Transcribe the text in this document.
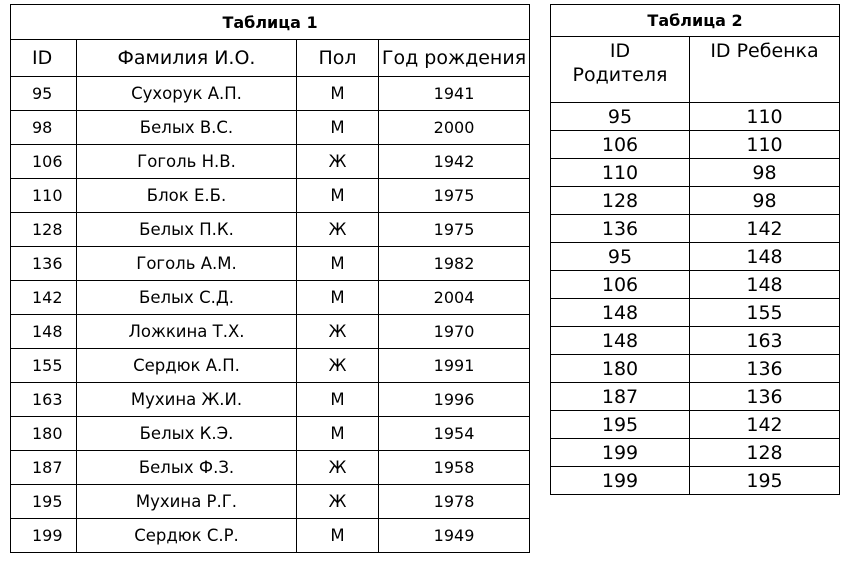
Таблица 1			
ID	Фамилия И.О.	Пол	Год рождения
95	Сухорук А.П.	М	1941
98	Белых В.С.	М	2000
106	Гоголь Н.В.	Ж	1942
110	Блок Е.Б.	М	1975
128	Белых П.К.	Ж	1975
136	Гоголь А.М.	М	1982
142	Белых С.Д.	М	2004
148	Ложкина Т.Х.	Ж	1970
155	Сердюк А.П.	Ж	1991
163	Мухина Ж.И.	М	1996
180	Белых К.Э.	М	1954
187	Белых Ф.З.	Ж	1958
195	Мухина Р.Г.	Ж	1978
199	Сердюк С.Р.	М	1949
Таблица 2	

ID
Родителя	ID Ребенка

95	110
106	110
110	98
128	98
136	142
95	148
106	148
148	155
148	163
180	136
187	136
195	142
199	128
199	195
